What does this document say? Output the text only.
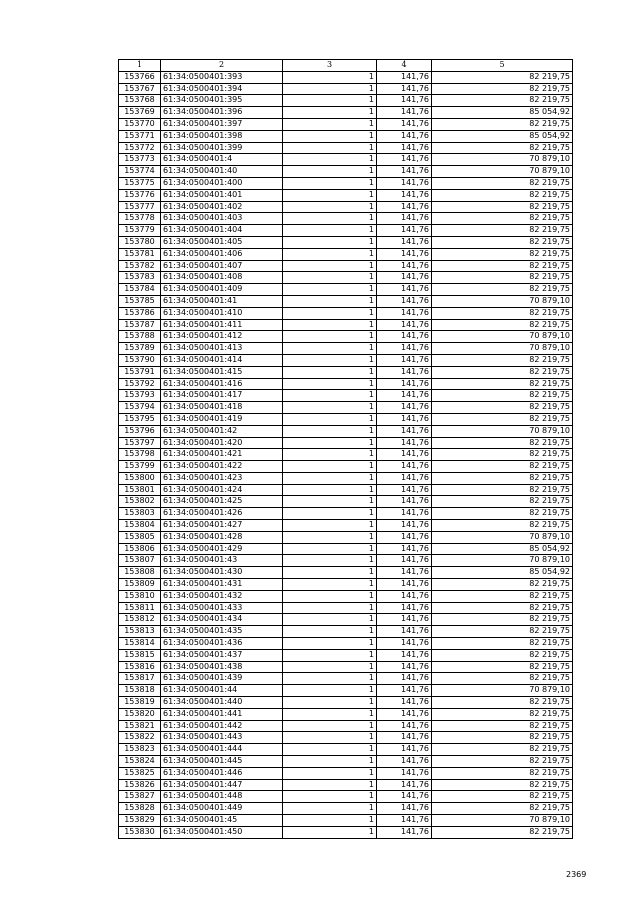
1	2	3	4	5
153766	61:34:0500401:393	1	141,76	82 219,75
153767	61:34:0500401:394	1	141,76	82 219,75
153768	61:34:0500401:395	1	141,76	82 219,75
153769	61:34:0500401:396	1	141,76	85 054,92
153770	61:34:0500401:397	1	141,76	82 219,75
153771	61:34:0500401:398	1	141,76	85 054,92
153772	61:34:0500401:399	1	141,76	82 219,75
153773	61:34:0500401:4	1	141,76	70 879,10
153774	61:34:0500401:40	1	141,76	70 879,10
153775	61:34:0500401:400	1	141,76	82 219,75
153776	61:34:0500401:401	1	141,76	82 219,75
153777	61:34:0500401:402	1	141,76	82 219,75
153778	61:34:0500401:403	1	141,76	82 219,75
153779	61:34:0500401:404	1	141,76	82 219,75
153780	61:34:0500401:405	1	141,76	82 219,75
153781	61:34:0500401:406	1	141,76	82 219,75
153782	61:34:0500401:407	1	141,76	82 219,75
153783	61:34:0500401:408	1	141,76	82 219,75
153784	61:34:0500401:409	1	141,76	82 219,75
153785	61:34:0500401:41	1	141,76	70 879,10
153786	61:34:0500401:410	1	141,76	82 219,75
153787	61:34:0500401:411	1	141,76	82 219,75
153788	61:34:0500401:412	1	141,76	70 879,10
153789	61:34:0500401:413	1	141,76	70 879,10
153790	61:34:0500401:414	1	141,76	82 219,75
153791	61:34:0500401:415	1	141,76	82 219,75
153792	61:34:0500401:416	1	141,76	82 219,75
153793	61:34:0500401:417	1	141,76	82 219,75
153794	61:34:0500401:418	1	141,76	82 219,75
153795	61:34:0500401:419	1	141,76	82 219,75
153796	61:34:0500401:42	1	141,76	70 879,10
153797	61:34:0500401:420	1	141,76	82 219,75
153798	61:34:0500401:421	1	141,76	82 219,75
153799	61:34:0500401:422	1	141,76	82 219,75
153800	61:34:0500401:423	1	141,76	82 219,75
153801	61:34:0500401:424	1	141,76	82 219,75
153802	61:34:0500401:425	1	141,76	82 219,75
153803	61:34:0500401:426	1	141,76	82 219,75
153804	61:34:0500401:427	1	141,76	82 219,75
153805	61:34:0500401:428	1	141,76	70 879,10
153806	61:34:0500401:429	1	141,76	85 054,92
153807	61:34:0500401:43	1	141,76	70 879,10
153808	61:34:0500401:430	1	141,76	85 054,92
153809	61:34:0500401:431	1	141,76	82 219,75
153810	61:34:0500401:432	1	141,76	82 219,75
153811	61:34:0500401:433	1	141,76	82 219,75
153812	61:34:0500401:434	1	141,76	82 219,75
153813	61:34:0500401:435	1	141,76	82 219,75
153814	61:34:0500401:436	1	141,76	82 219,75
153815	61:34:0500401:437	1	141,76	82 219,75
153816	61:34:0500401:438	1	141,76	82 219,75
153817	61:34:0500401:439	1	141,76	82 219,75
153818	61:34:0500401:44	1	141,76	70 879,10
153819	61:34:0500401:440	1	141,76	82 219,75
153820	61:34:0500401:441	1	141,76	82 219,75
153821	61:34:0500401:442	1	141,76	82 219,75
153822	61:34:0500401:443	1	141,76	82 219,75
153823	61:34:0500401:444	1	141,76	82 219,75
153824	61:34:0500401:445	1	141,76	82 219,75
153825	61:34:0500401:446	1	141,76	82 219,75
153826	61:34:0500401:447	1	141,76	82 219,75
153827	61:34:0500401:448	1	141,76	82 219,75
153828	61:34:0500401:449	1	141,76	82 219,75
153829	61:34:0500401:45	1	141,76	70 879,10
153830	61:34:0500401:450	1	141,76	82 219,75
2369
